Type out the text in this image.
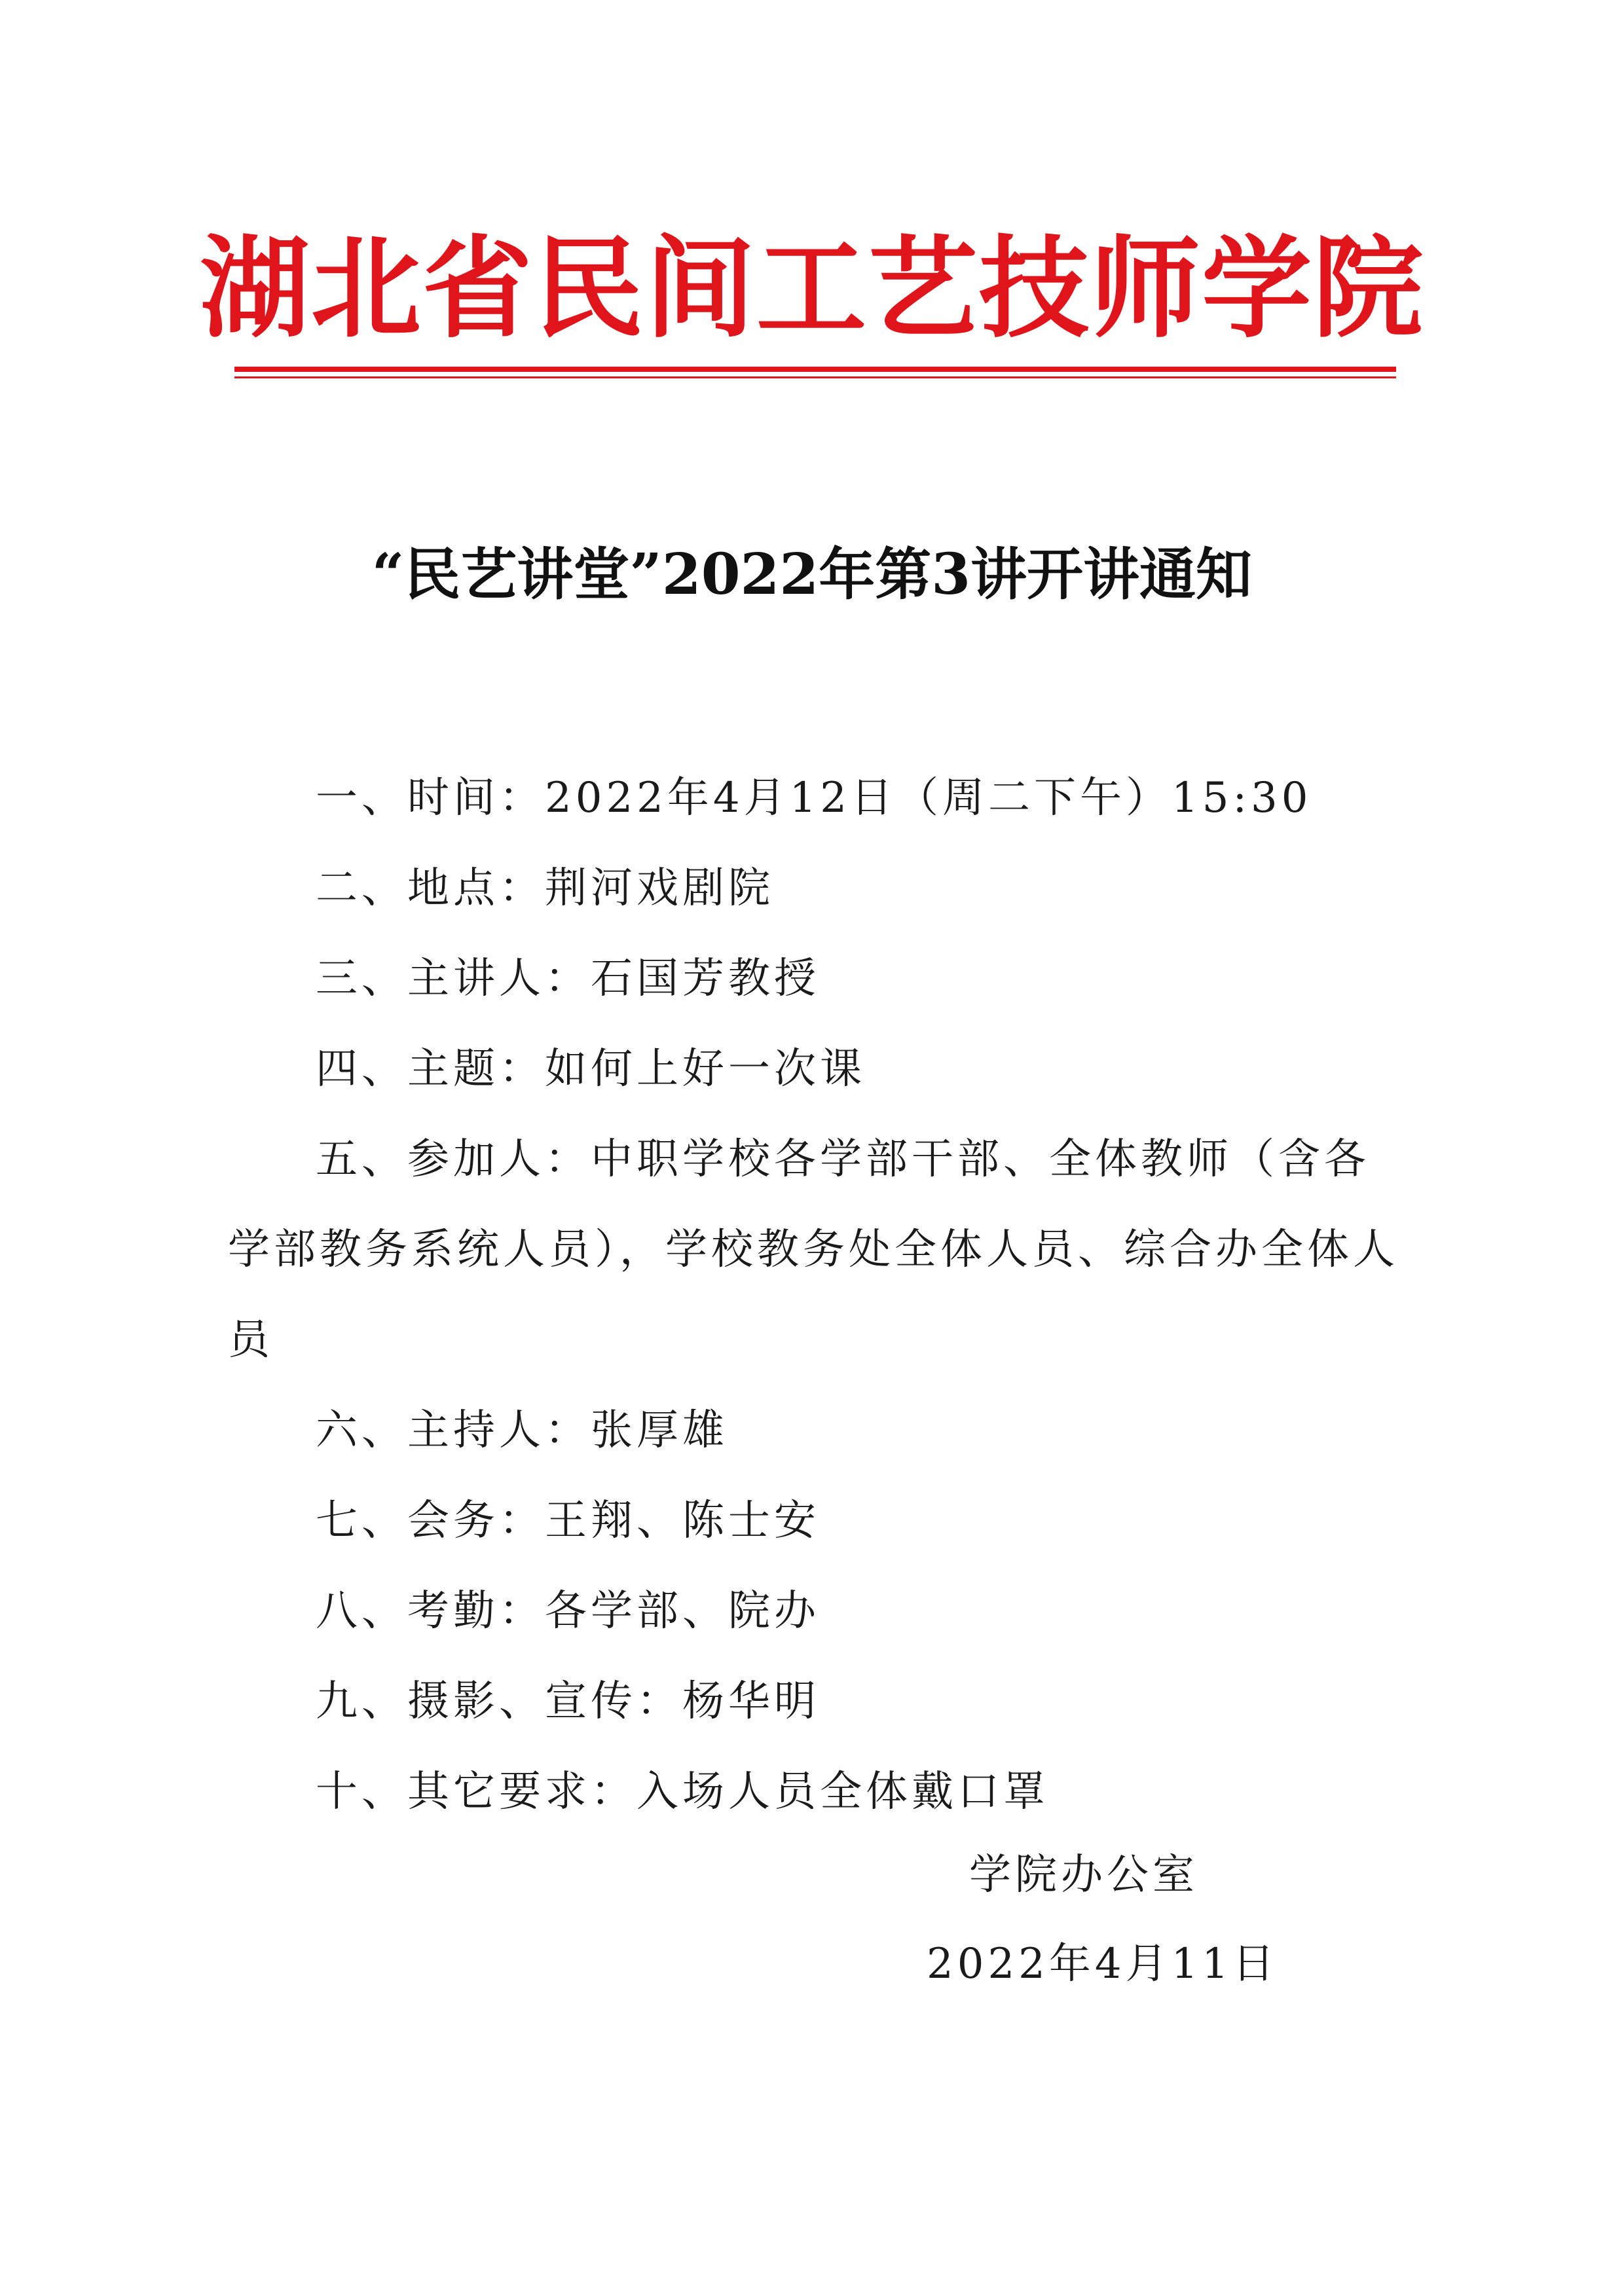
湖北省民间工艺技师学院
“民艺讲堂”2022年第3讲开讲通知
一、时间：2022年4月12日（周二下午）15:30
二、地点：荆河戏剧院
三、主讲人：石国芳教授
四、主题：如何上好一次课
五、参加人：中职学校各学部干部、全体教师（含各学部教务系统人员），学校教务处全体人员、综合办全体人员
六、主持人：张厚雄
七、会务：王翔、陈士安
八、考勤：各学部、院办
九、摄影、宣传：杨华明
十、其它要求：入场人员全体戴口罩
学院办公室
2022年4月11日
